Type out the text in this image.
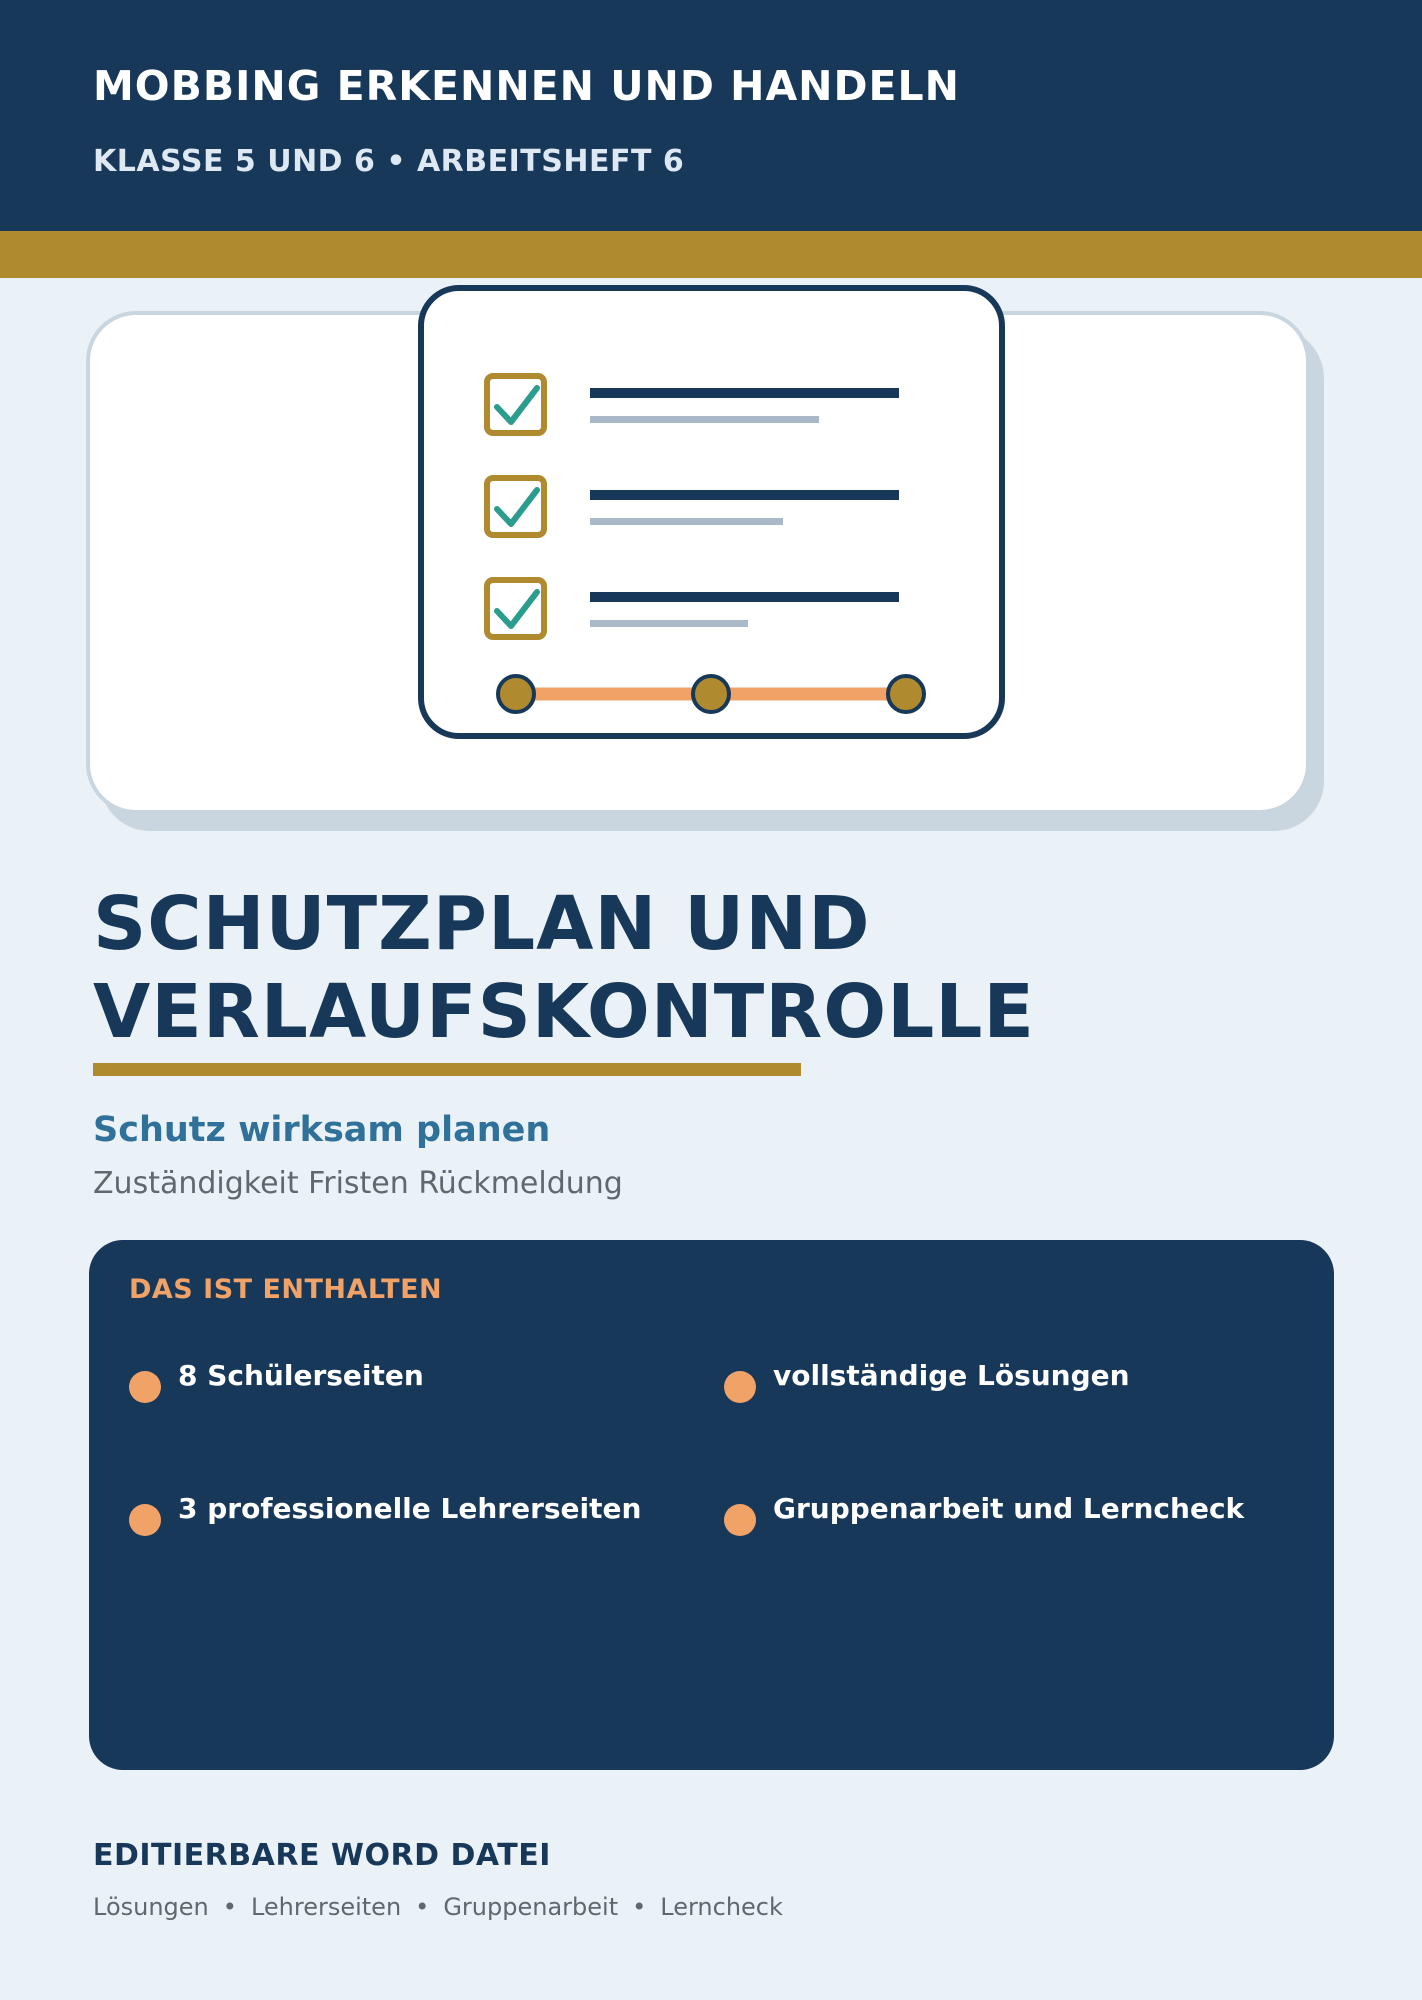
MOBBING ERKENNEN UND HANDELN
KLASSE 5 UND 6 • ARBEITSHEFT 6
SCHUTZPLAN UND
VERLAUFSKONTROLLE
Schutz wirksam planen
Zuständigkeit Fristen Rückmeldung
DAS IST ENTHALTEN
8 Schülerseiten	vollständige Lösungen
3 professionelle Lehrerseiten	Gruppenarbeit und Lerncheck
EDITIERBARE WORD DATEI
Lösungen • Lehrerseiten • Gruppenarbeit • Lerncheck
